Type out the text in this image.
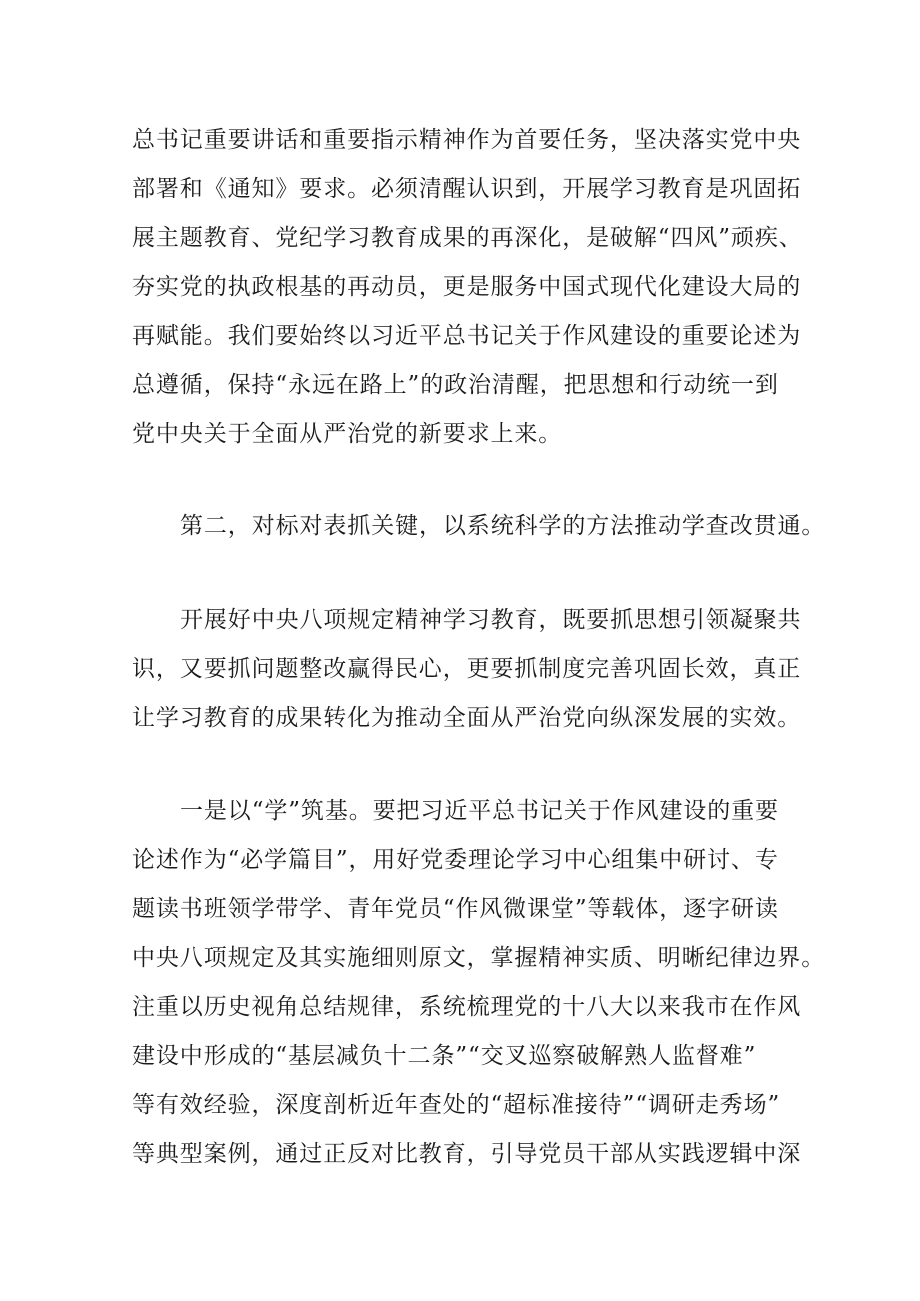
总书记重要讲话和重要指示精神作为首要任务，坚决落实党中央
部署和《通知》要求。必须清醒认识到，开展学习教育是巩固拓
展主题教育、党纪学习教育成果的再深化，是破解“四风”顽疾、
夯实党的执政根基的再动员，更是服务中国式现代化建设大局的
再赋能。我们要始终以习近平总书记关于作风建设的重要论述为
总遵循，保持“永远在路上”的政治清醒，把思想和行动统一到
党中央关于全面从严治党的新要求上来。
第二，对标对表抓关键，以系统科学的方法推动学查改贯通。
开展好中央八项规定精神学习教育，既要抓思想引领凝聚共
识，又要抓问题整改赢得民心，更要抓制度完善巩固长效，真正
让学习教育的成果转化为推动全面从严治党向纵深发展的实效。
一是以“学”筑基。要把习近平总书记关于作风建设的重要
论述作为“必学篇目”，用好党委理论学习中心组集中研讨、专
题读书班领学带学、青年党员“作风微课堂”等载体，逐字研读
中央八项规定及其实施细则原文，掌握精神实质、明晰纪律边界。
注重以历史视角总结规律，系统梳理党的十八大以来我市在作风
建设中形成的“基层减负十二条”“交叉巡察破解熟人监督难”
等有效经验，深度剖析近年查处的“超标准接待”“调研走秀场”
等典型案例，通过正反对比教育，引导党员干部从实践逻辑中深
